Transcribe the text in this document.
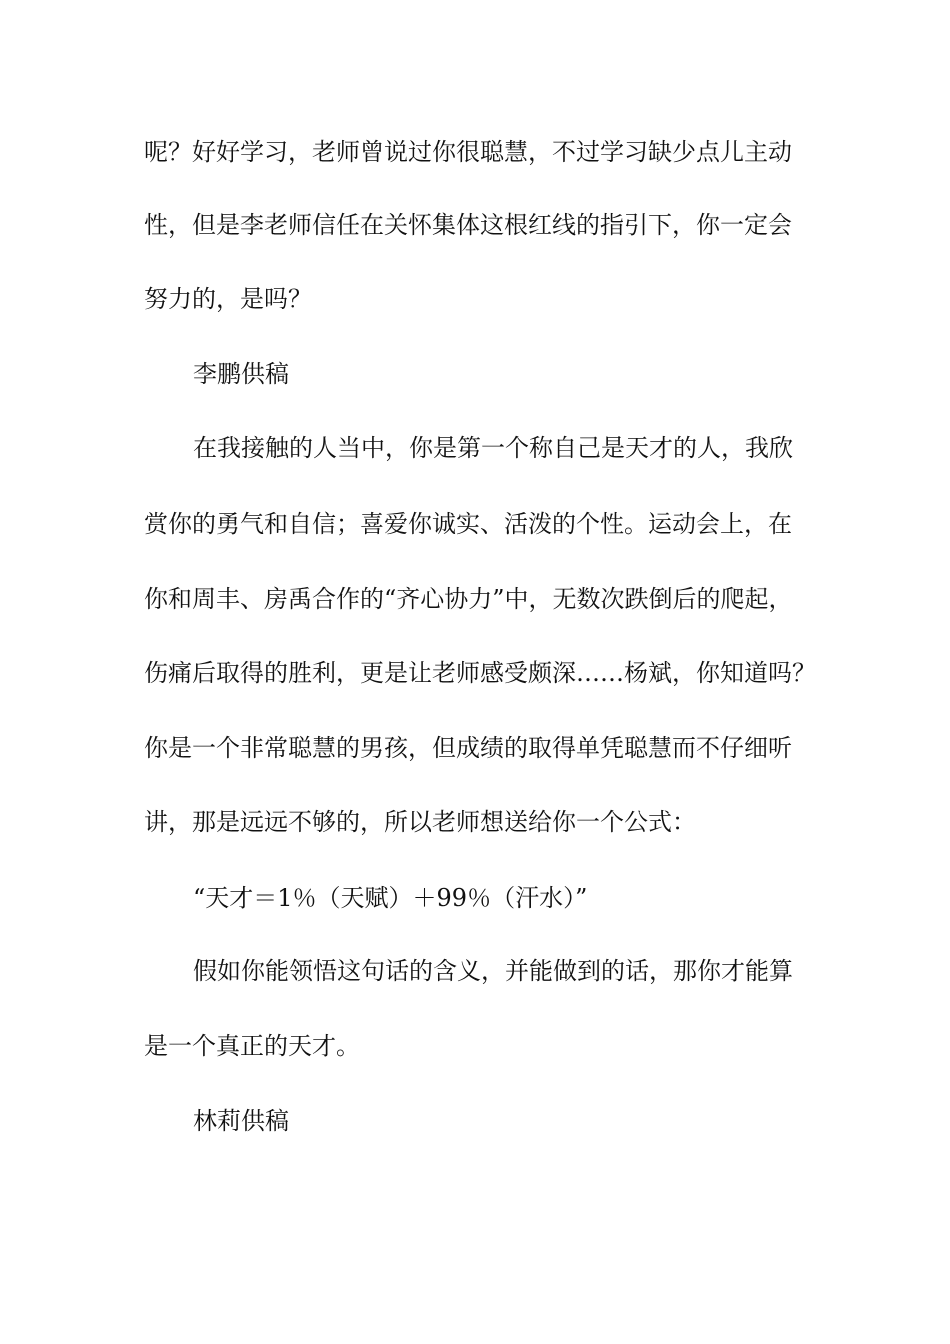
呢？好好学习，老师曾说过你很聪慧，不过学习缺少点儿主动
性，但是李老师信任在关怀集体这根红线的指引下，你一定会
努力的，是吗？
李鹏供稿
在我接触的人当中，你是第一个称自己是天才的人，我欣
赏你的勇气和自信；喜爱你诚实、活泼的个性。运动会上，在
你和周丰、房禹合作的“齐心协力”中，无数次跌倒后的爬起，
伤痛后取得的胜利，更是让老师感受颇深……杨斌，你知道吗？
你是一个非常聪慧的男孩，但成绩的取得单凭聪慧而不仔细听
讲，那是远远不够的，所以老师想送给你一个公式：
“天才＝1％（天赋）＋99％（汗水）”
假如你能领悟这句话的含义，并能做到的话，那你才能算
是一个真正的天才。
林莉供稿
